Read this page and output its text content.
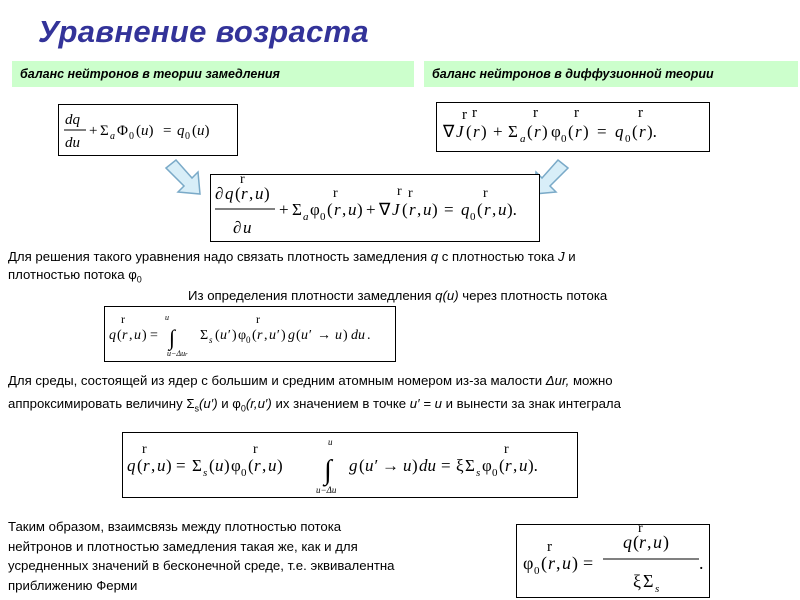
Уравнение возраста
баланс нейтронов в теории замедления	баланс нейтронов в диффузионной теории
dq
du
+ Σ a Φ 0 (u) = q 0 (u)	∇ J (
r
r )
r
+ Σ a ( r
r
) φ 0 ( r
r
) = q 0 ( r
r
).
∂ q ( r
r
, u )
∂ u
+ Σ a φ 0 ( r
r
, u ) + ∇ J
r
( r
r
, u ) = q 0 ( r
r
, u ).
Для решения такого уравнения надо связать плотность замедления q с плотностью тока J и
плотностью потока $\varphi_0$
Из определения плотности замедления q(u) через плотность потока
q ( r
r
, u ) =
u
∫
u−Δur
Σ s ( u′ ) φ 0 ( r
r
, u′ ) g ( u′ → u ) du .
Для среды, состоящей из ядер с большим и средним атомным номером из-за малости Δur, можно
аппроксимировать величину $\Sigma_s(u')$ и $\varphi_0(r,u')$ их значением в точке u′ = u и вынести за знак интеграла
q ( r
r
, u ) = Σ s ( u ) φ 0 ( r
r
, u )
u
∫
u−Δu
g ( u′ → u ) du = ξ Σ s φ 0 ( r
r
, u ).
Таким образом, взаимсвязь между плотностью потока
нейтронов и плотностью замедления такая же, как и для
усредненных значений в бесконечной среде, т.е. эквивалентна
приближению Ферми
φ 0 ( r
r
, u ) =
q ( r
r
, u )
ξ Σ s
.
